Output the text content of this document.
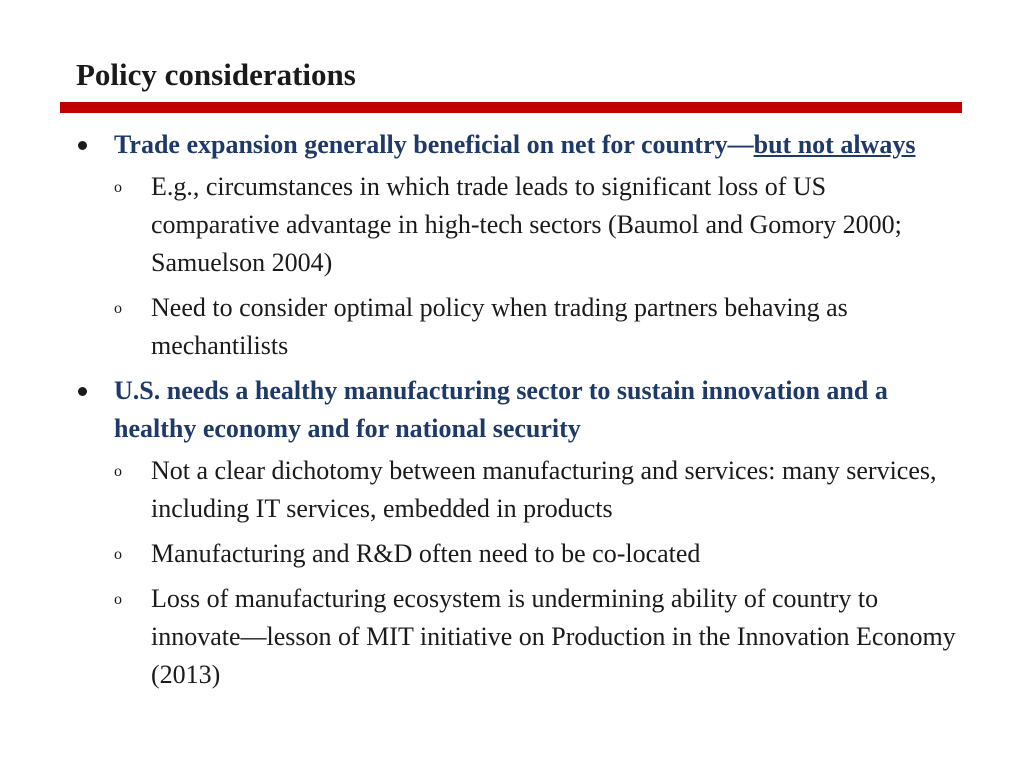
Policy considerations
Trade expansion generally beneficial on net for country—but not always
o E.g., circumstances in which trade leads to significant loss of US comparative advantage in high-tech sectors (Baumol and Gomory 2000; Samuelson 2004)
o Need to consider optimal policy when trading partners behaving as mechantilists
U.S. needs a healthy manufacturing sector to sustain innovation and a healthy economy and for national security
o Not a clear dichotomy between manufacturing and services: many services, including IT services, embedded in products
o Manufacturing and R&D often need to be co-located
o Loss of manufacturing ecosystem is undermining ability of country to innovate—lesson of MIT initiative on Production in the Innovation Economy (2013)
